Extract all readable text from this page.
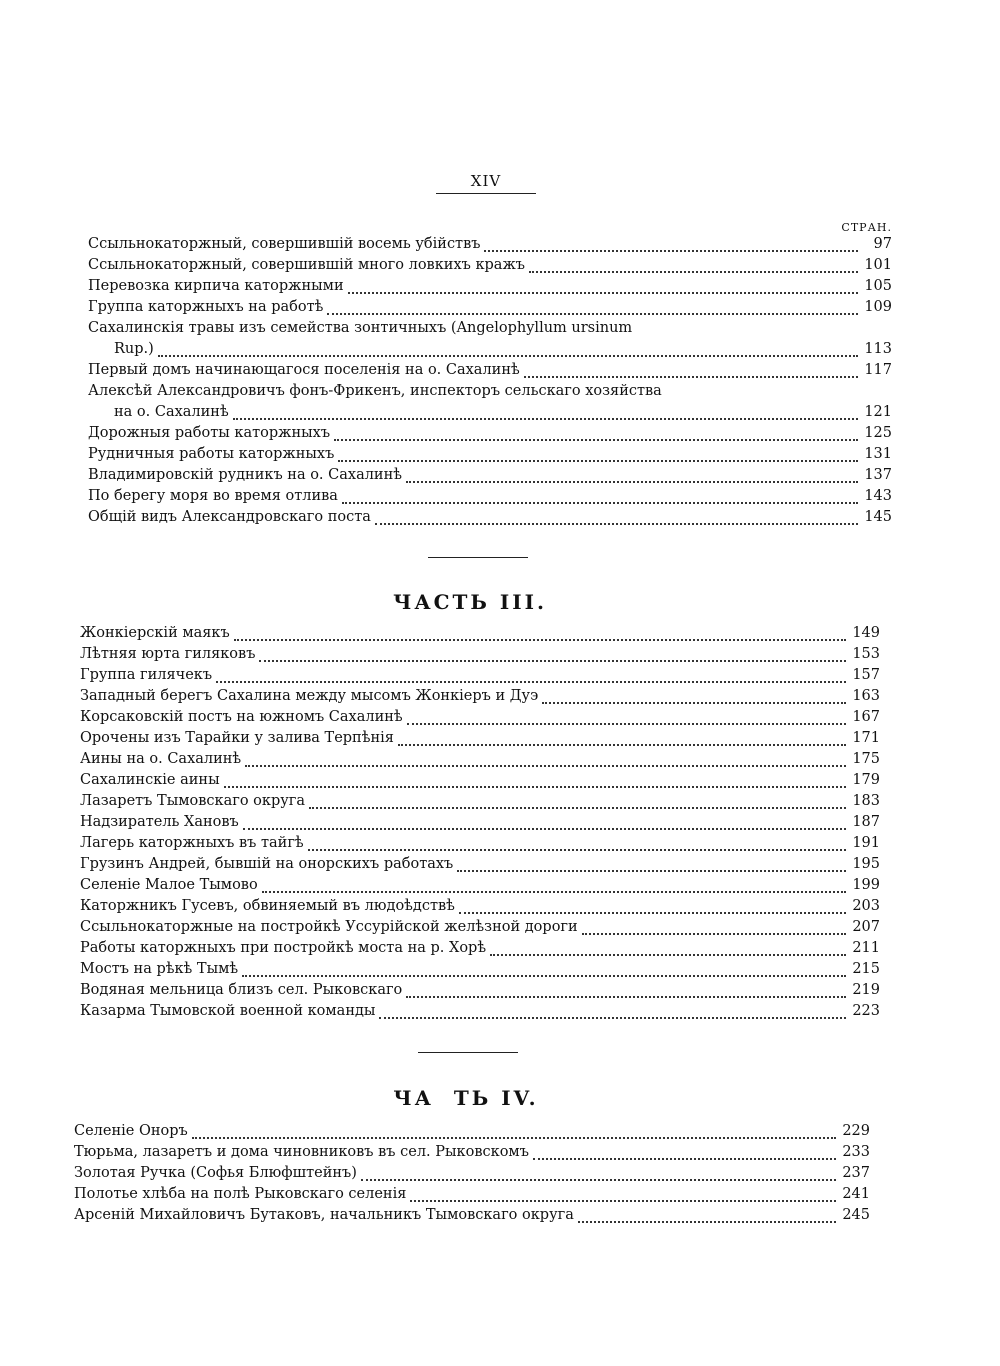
XIV
СТРАН.
Ссыльнокаторжный, совершившій восемь убійствъ	97
Ссыльнокаторжный, совершившій много ловкихъ кражъ	101
Перевозка кирпича каторжными	105
Группа каторжныхъ на работѣ	109
Сахалинскія травы изъ семейства зонтичныхъ (Angelophyllum ursinum
Rup.)	113
Первый домъ начинающагося поселенія на о. Сахалинѣ	117
Алексѣй Александровичъ фонъ-Фрикенъ, инспекторъ сельскаго хозяйства
на о. Сахалинѣ	121
Дорожныя работы каторжныхъ	125
Рудничныя работы каторжныхъ	131
Владимировскій рудникъ на о. Сахалинѣ	137
По берегу моря во время отлива	143
Общій видъ Александровскаго поста	145
ЧАСТЬ III.
Жонкіерскій маякъ	149
Лѣтняя юрта гиляковъ	153
Группа гилячекъ	157
Западный берегъ Сахалина между мысомъ Жонкіеръ и Дуэ	163
Корсаковскій постъ на южномъ Сахалинѣ	167
Орочены изъ Тарайки у залива Терпѣнія	171
Аины на о. Сахалинѣ	175
Сахалинскіе аины	179
Лазаретъ Тымовскаго округа	183
Надзиратель Хановъ	187
Лагерь каторжныхъ въ тайгѣ	191
Грузинъ Андрей, бывшій на онорскихъ работахъ	195
Селеніе Малое Тымово	199
Каторжникъ Гусевъ, обвиняемый въ людоѣдствѣ	203
Ссыльнокаторжные на постройкѣ Уссурійской желѣзной дороги	207
Работы каторжныхъ при постройкѣ моста на р. Хорѣ	211
Мостъ на рѣкѣ Тымѣ	215
Водяная мельница близъ сел. Рыковскаго	219
Казарма Тымовской военной команды	223
ЧА  ТЬ IV.
Селеніе Оноръ	229
Тюрьма, лазаретъ и дома чиновниковъ въ сел. Рыковскомъ	233
Золотая Ручка (Софья Блюфштейнъ)	237
Полотье хлѣба на полѣ Рыковскаго селенія	241
Арсеній Михайловичъ Бутаковъ, начальникъ Тымовскаго округа	245
